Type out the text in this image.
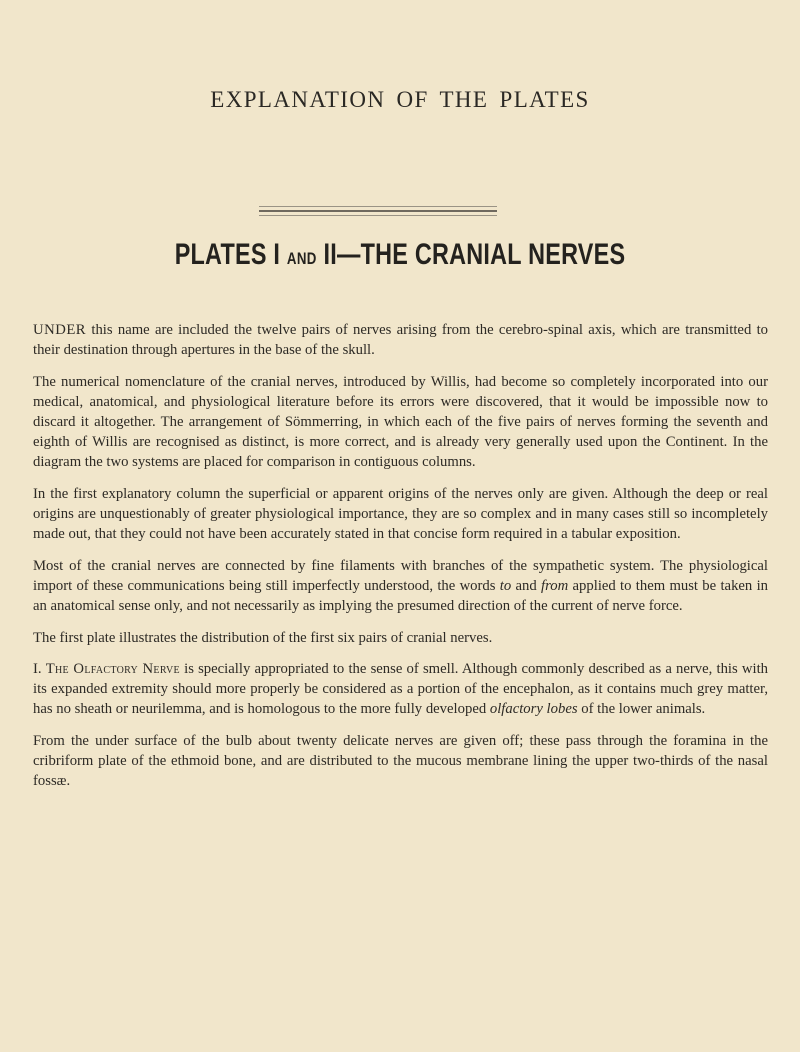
EXPLANATION OF THE PLATES
PLATES I AND II—THE CRANIAL NERVES

UNDER this name are included the twelve pairs of nerves arising from the cerebro-spinal axis, which are transmitted to their destination through apertures in the base of the skull.

The numerical nomenclature of the cranial nerves, introduced by Willis, had become so completely incorporated into our medical, anatomical, and physiological literature before its errors were discovered, that it would be impossible now to discard it altogether. The arrangement of Sömmerring, in which each of the five pairs of nerves forming the seventh and eighth of Willis are recognised as distinct, is more correct, and is already very generally used upon the Continent. In the diagram the two systems are placed for comparison in contiguous columns.

In the first explanatory column the superficial or apparent origins of the nerves only are given. Although the deep or real origins are unquestionably of greater physiological importance, they are so complex and in many cases still so incompletely made out, that they could not have been accurately stated in that concise form required in a tabular exposition.

Most of the cranial nerves are connected by fine filaments with branches of the sympathetic system. The physiological import of these communications being still imperfectly understood, the words to and from applied to them must be taken in an anatomical sense only, and not necessarily as implying the presumed direction of the current of nerve force.

The first plate illustrates the distribution of the first six pairs of cranial nerves.

I. The Olfactory Nerve is specially appropriated to the sense of smell. Although commonly described as a nerve, this with its expanded extremity should more properly be considered as a portion of the encephalon, as it contains much grey matter, has no sheath or neurilemma, and is homologous to the more fully developed olfactory lobes of the lower animals.

From the under surface of the bulb about twenty delicate nerves are given off; these pass through the foramina in the cribriform plate of the ethmoid bone, and are distributed to the mucous membrane lining the upper two-thirds of the nasal fossæ.
